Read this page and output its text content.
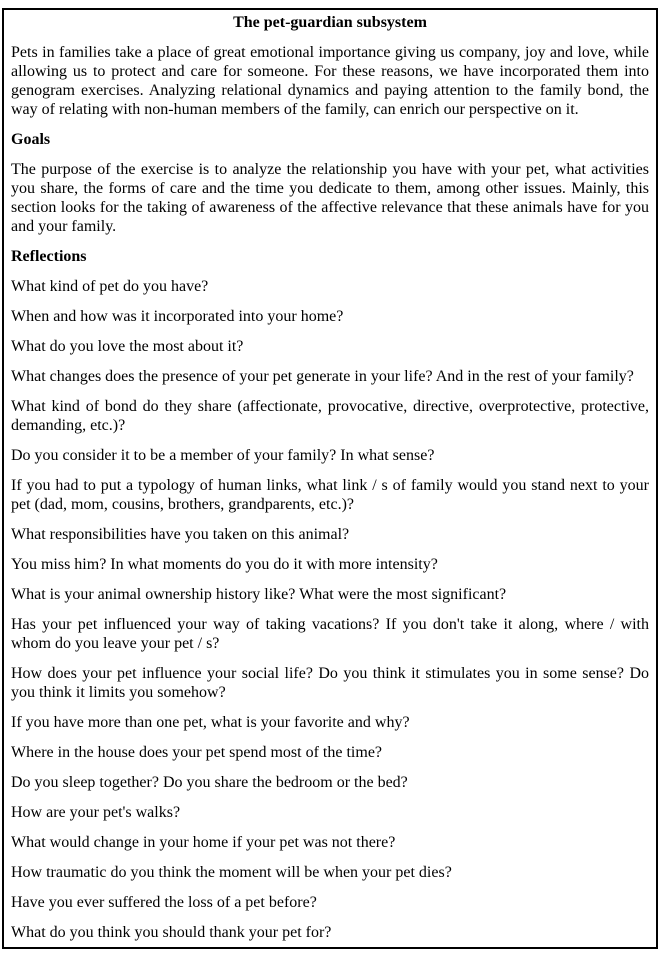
The pet-guardian subsystem

Pets in families take a place of great emotional importance giving us company, joy and love, while allowing us to protect and care for someone. For these reasons, we have incorporated them into genogram exercises. Analyzing relational dynamics and paying attention to the family bond, the way of relating with non-human members of the family, can enrich our perspective on it.

Goals

The purpose of the exercise is to analyze the relationship you have with your pet, what activities you share, the forms of care and the time you dedicate to them, among other issues. Mainly, this section looks for the taking of awareness of the affective relevance that these animals have for you and your family.

Reflections

What kind of pet do you have?

When and how was it incorporated into your home?

What do you love the most about it?

What changes does the presence of your pet generate in your life? And in the rest of your family?

What kind of bond do they share (affectionate, provocative, directive, overprotective, protective, demanding, etc.)?

Do you consider it to be a member of your family? In what sense?

If you had to put a typology of human links, what link / s of family would you stand next to your pet (dad, mom, cousins, brothers, grandparents, etc.)?

What responsibilities have you taken on this animal?

You miss him? In what moments do you do it with more intensity?

What is your animal ownership history like? What were the most significant?

Has your pet influenced your way of taking vacations? If you don't take it along, where / with whom do you leave your pet / s?

How does your pet influence your social life? Do you think it stimulates you in some sense? Do you think it limits you somehow?

If you have more than one pet, what is your favorite and why?

Where in the house does your pet spend most of the time?

Do you sleep together? Do you share the bedroom or the bed?

How are your pet's walks?

What would change in your home if your pet was not there?

How traumatic do you think the moment will be when your pet dies?

Have you ever suffered the loss of a pet before?

What do you think you should thank your pet for?
